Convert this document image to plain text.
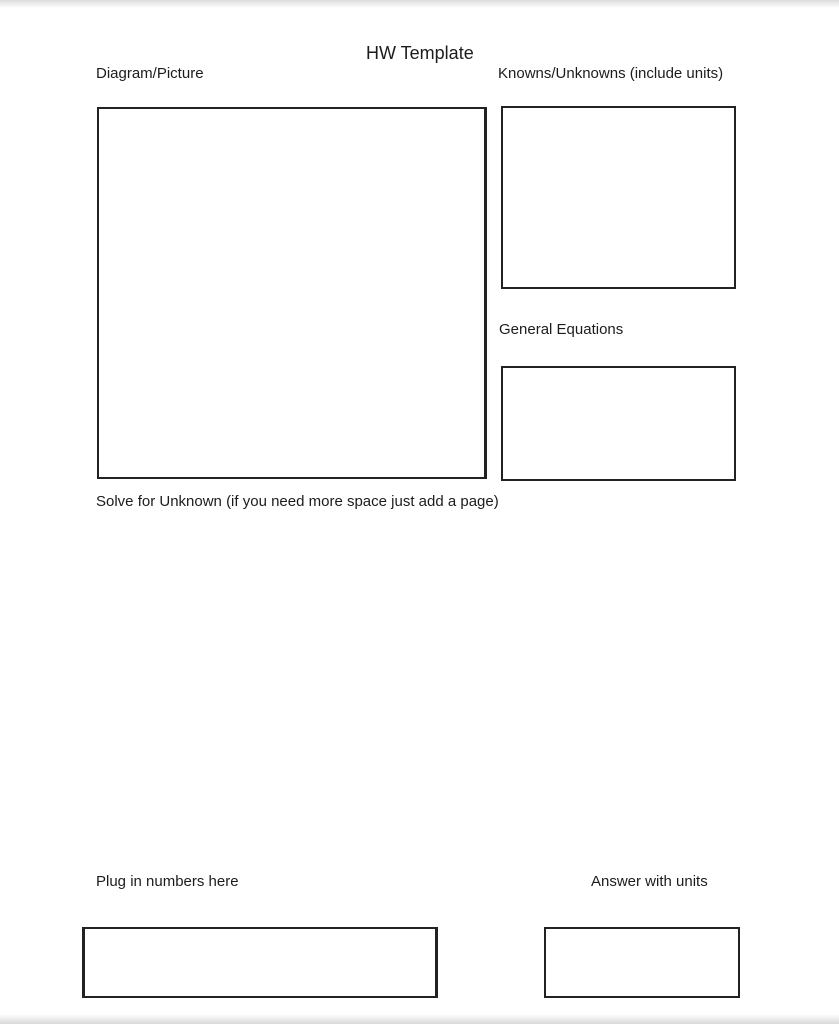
HW Template
Diagram/Picture	Knowns/Unknowns (include units)
General Equations
Solve for Unknown (if you need more space just add a page)
Plug in numbers here	Answer with units
